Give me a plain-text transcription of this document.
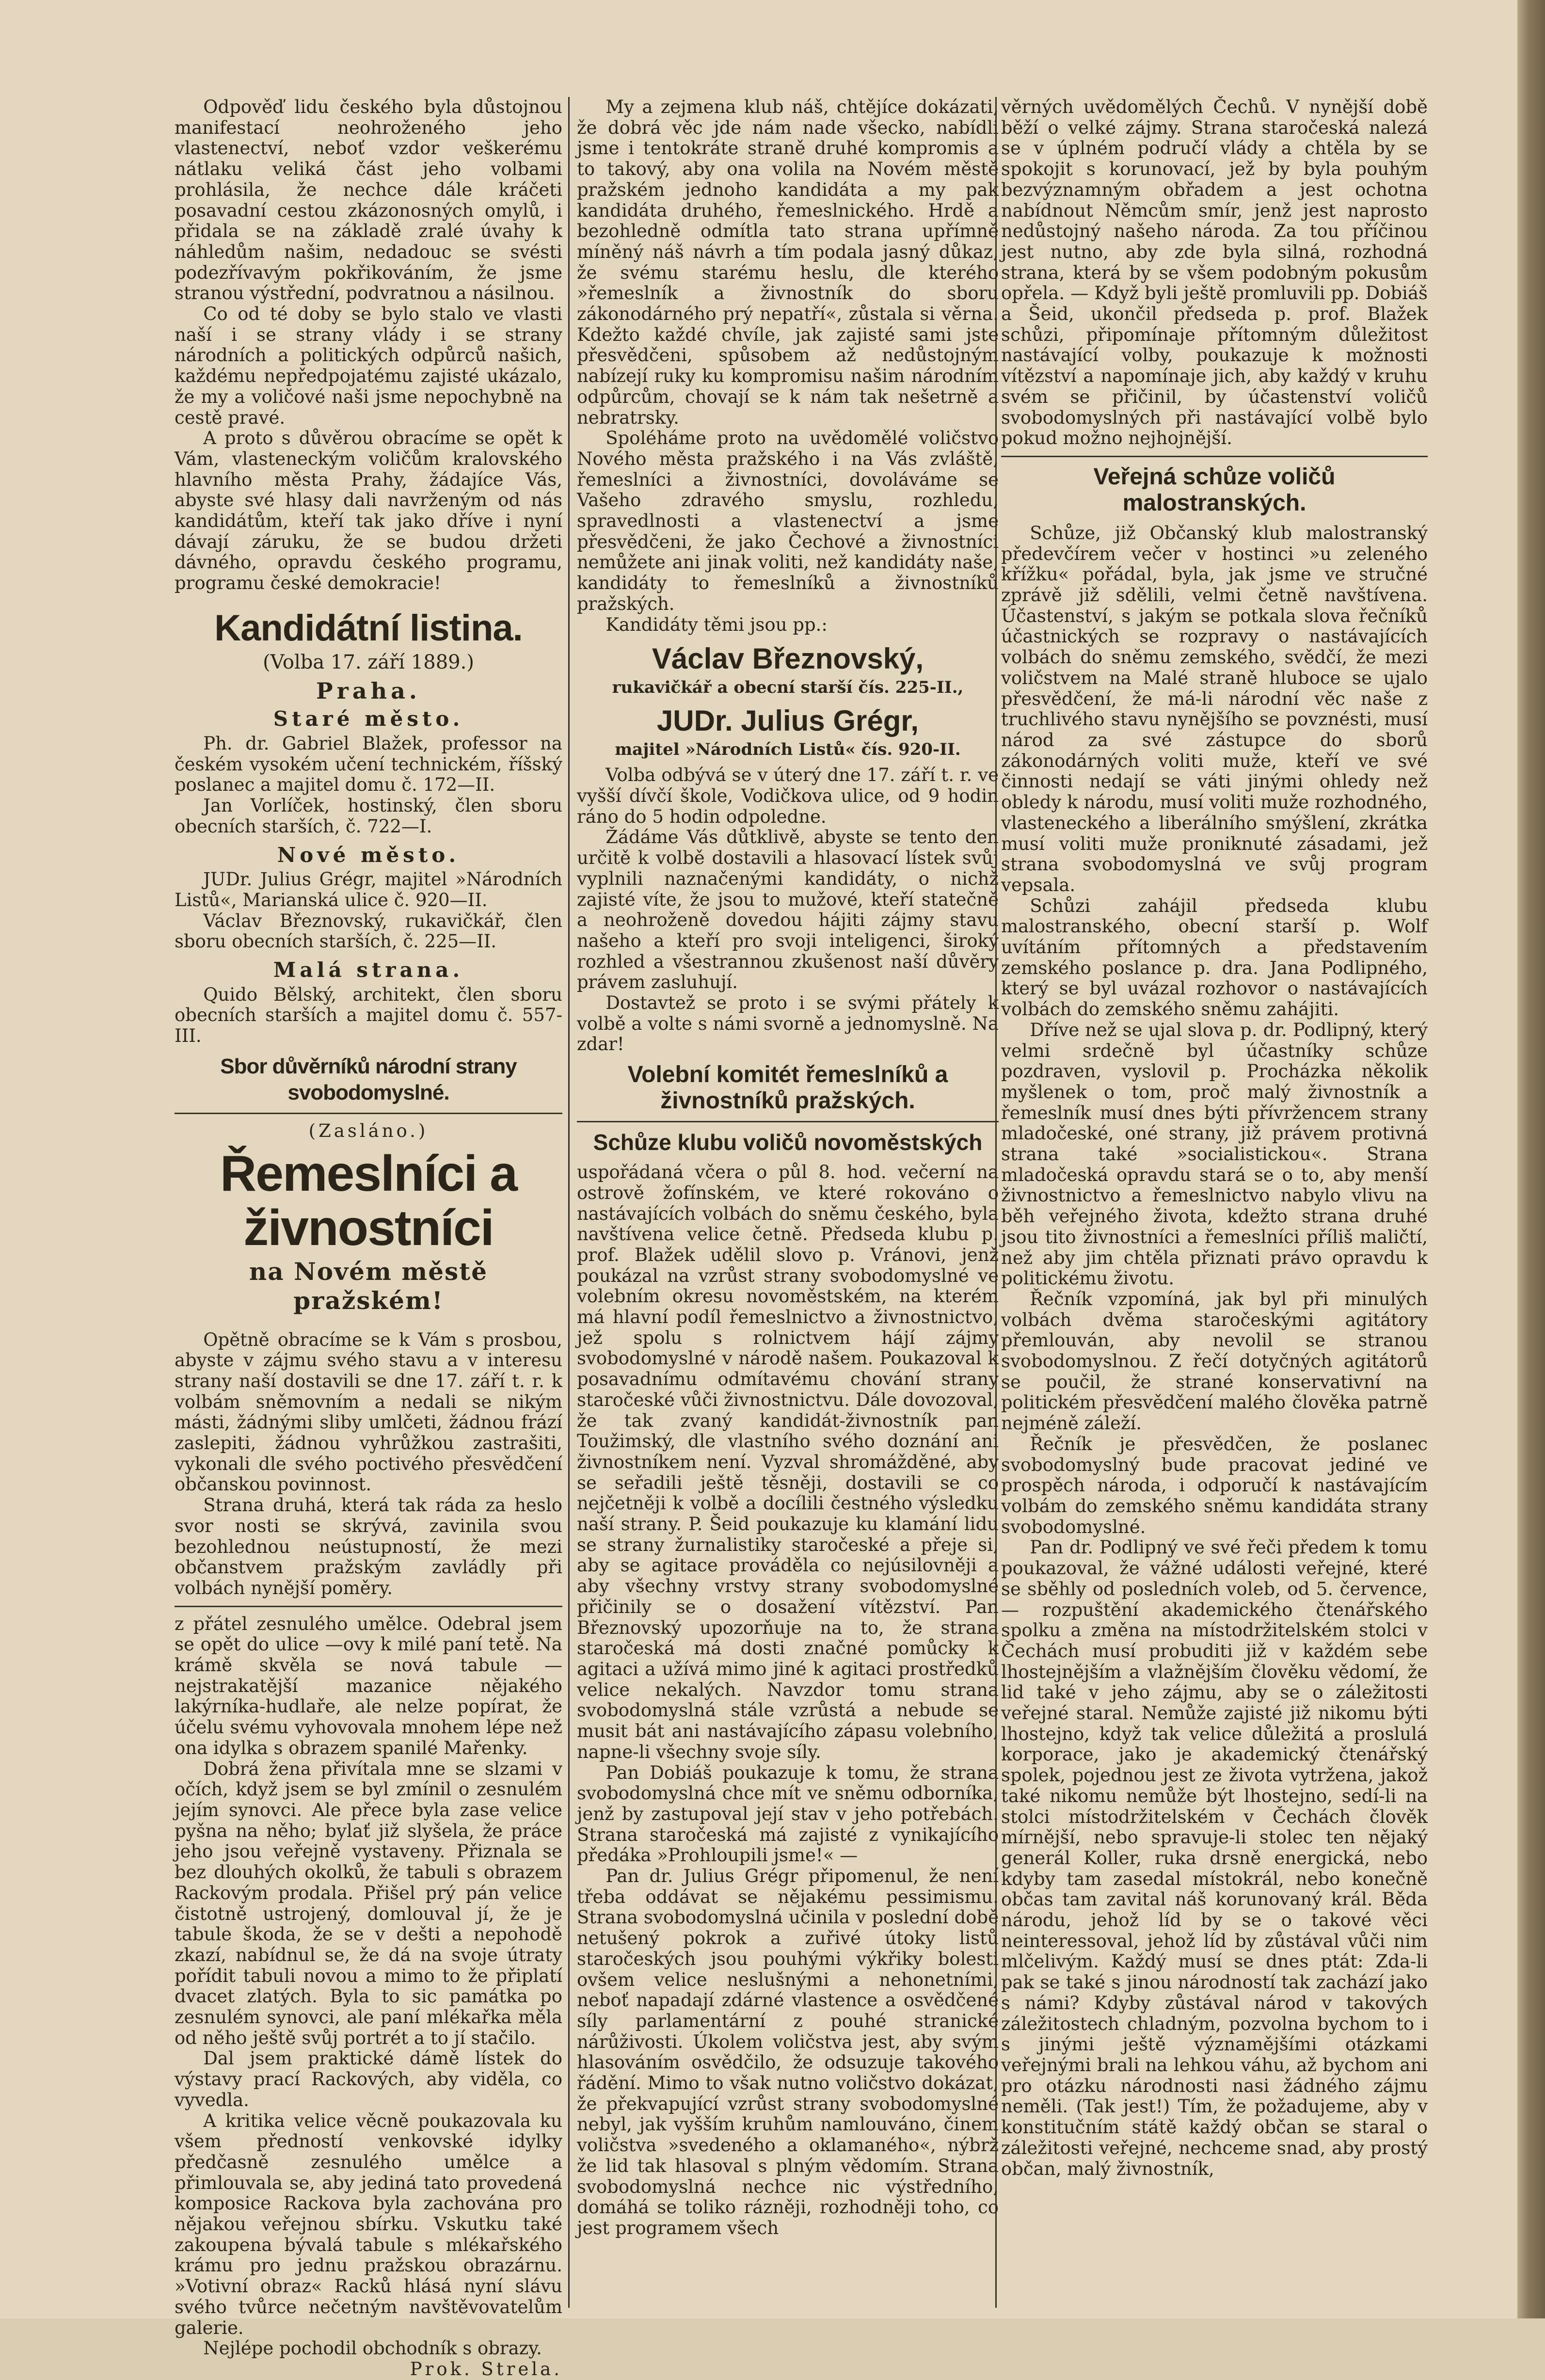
Odpověď lidu českého byla důstojnou manifestací neohroženého jeho vlastenectví, neboť vzdor veškerému nátlaku veliká část jeho volbami prohlásila, že nechce dále kráčeti posavadní cestou zkázonosných omylů, i přidala se na základě zralé úvahy k náhledům našim, nedadouc se svésti podezřívavým pokřikováním, že jsme stranou výstřední, podvratnou a násilnou.

Co od té doby se bylo stalo ve vlasti naší i se strany vlády i se strany národních a politických odpůrců našich, každému nepředpojatému zajisté ukázalo, že my a voličové naši jsme nepochybně na cestě pravé.

A proto s důvěrou obracíme se opět k Vám, vlasteneckým voličům kralovského hlavního města Prahy, žádajíce Vás, abyste své hlasy dali navrženým od nás kandidátům, kteří tak jako dříve i nyní dávají záruku, že se budou držeti dávného, opravdu českého programu, programu české demokracie!

Kandidátní listina.
(Volba 17. září 1889.)
Praha.
Staré město.

Ph. dr. Gabriel Blažek, professor na českém vysokém učení technickém, říšský poslanec a majitel domu č. 172—II.

Jan Vorlíček, hostinský, člen sboru obecních starších, č. 722—I.

Nové město.

JUDr. Julius Grégr, majitel »Národních Listů«, Marianská ulice č. 920—II.

Václav Březnovský, rukavičkář, člen sboru obecních starších, č. 225—II.

Malá strana.

Quido Bělský, architekt, člen sboru obecních starších a majitel domu č. 557-III.

Sbor důvěrníků národní strany svobodomyslné.
(Zasláno.)
Řemeslníci a živnostníci
na Novém městě pražském!

Opětně obracíme se k Vám s prosbou, abyste v zájmu svého stavu a v interesu strany naší dostavili se dne 17. září t. r. k volbám sněmovním a nedali se nikým másti, žádnými sliby umlčeti, žádnou frází zaslepiti, žádnou vyhrůžkou zastrašiti, vykonali dle svého poctivého přesvědčení občanskou povinnost.

Strana druhá, která tak ráda za heslo svor nosti se skrývá, zavinila svou bezohlednou neústupností, že mezi občanstvem pražským zavládly při volbách nynější poměry.

z přátel zesnulého umělce. Odebral jsem se opět do ulice —ovy k milé paní tetě. Na krámě skvěla se nová tabule — nejstrakatější mazanice nějakého lakýrníka-hudlaře, ale nelze popírat, že účelu svému vyhovovala mnohem lépe než ona idylka s obrazem spanilé Mařenky.

Dobrá žena přivítala mne se slzami v očích, když jsem se byl zmínil o zesnulém jejím synovci. Ale přece byla zase velice pyšna na něho; bylať již slyšela, že práce jeho jsou veřejně vystaveny. Přiznala se bez dlouhých okolků, že tabuli s obrazem Rackovým prodala. Přišel prý pán velice čistotně ustrojený, domlouval jí, že je tabule škoda, že se v dešti a nepohodě zkazí, nabídnul se, že dá na svoje útraty pořídit tabuli novou a mimo to že připlatí dvacet zlatých. Byla to sic památka po zesnulém synovci, ale paní mlékařka měla od něho ještě svůj portrét a to jí stačilo.

Dal jsem praktické dámě lístek do výstavy prací Rackových, aby viděla, co vyvedla.

A kritika velice věcně poukazovala ku všem předností venkovské idylky předčasně zesnulého umělce a přimlouvala se, aby jediná tato provedená komposice Rackova byla zachována pro nějakou veřejnou sbírku. Vskutku také zakoupena bývalá tabule s mlékařského krámu pro jednu pražskou obrazárnu. »Votivní obraz« Racků hlásá nyní slávu svého tvůrce nečetným navštěvovatelům galerie.

Nejlépe pochodil obchodník s obrazy.

Prok. Strela.

My a zejmena klub náš, chtějíce dokázati, že dobrá věc jde nám nade všecko, nabídli jsme i tentokráte straně druhé kompromis a to takový, aby ona volila na Novém městě pražském jednoho kandidáta a my pak kandidáta druhého, řemeslnického. Hrdě a bezohledně odmítla tato strana upřímně míněný náš návrh a tím podala jasný důkaz, že svému starému heslu, dle kterého »řemeslník a živnostník do sboru zákonodárného prý nepatří«, zůstala si věrna. Kdežto každé chvíle, jak zajisté sami jste přesvědčeni, spůsobem až nedůstojným nabízejí ruky ku kompromisu našim národním odpůrcům, chovají se k nám tak nešetrně a nebratrsky.

Spoléháme proto na uvědomělé voličstvo Nového města pražského i na Vás zvláště, řemeslníci a živnostníci, dovoláváme se Vašeho zdravého smyslu, rozhledu, spravedlnosti a vlastenectví a jsme přesvědčeni, že jako Čechové a živnostníci nemůžete ani jinak voliti, než kandidáty naše, kandidáty to řemeslníků a živnostníků pražských.

Kandidáty těmi jsou pp.:

Václav Březnovský,
rukavičkář a obecní starší čís. 225-II.,
JUDr. Julius Grégr,
majitel »Národních Listů« čís. 920-II.

Volba odbývá se v úterý dne 17. září t. r. ve vyšší dívčí škole, Vodičkova ulice, od 9 hodin ráno do 5 hodin odpoledne.

Žádáme Vás důtklivě, abyste se tento den určitě k volbě dostavili a hlasovací lístek svůj vyplnili naznačenými kandidáty, o nichž zajisté víte, že jsou to mužové, kteří statečně a neohroženě dovedou hájiti zájmy stavu našeho a kteří pro svoji inteligenci, široký rozhled a všestrannou zkušenost naší důvěry právem zasluhují.

Dostavtež se proto i se svými přátely k volbě a volte s námi svorně a jednomyslně. Na zdar!

Volební komitét řemeslníků a živnostníků pražských.
Schůze klubu voličů novoměstských

uspořádaná včera o půl 8. hod. večerní na ostrově žofínském, ve které rokováno o nastávajících volbách do sněmu českého, byla navštívena velice četně. Předseda klubu p. prof. Blažek udělil slovo p. Vránovi, jenž poukázal na vzrůst strany svobodomyslné ve volebním okresu novoměstském, na kterém má hlavní podíl řemeslnictvo a živnostnictvo, jež spolu s rolnictvem hájí zájmy svobodomyslné v národě našem. Poukazoval k posavadnímu odmítavému chování strany staročeské vůči živnostnictvu. Dále dovozoval, že tak zvaný kandidát-živnostník pan Toužimský, dle vlastního svého doznání ani živnostníkem není. Vyzval shromážděné, aby se seřadili ještě těsněji, dostavili se co nejčetněji k volbě a docílili čestného výsledku naší strany. P. Šeid poukazuje ku klamání lidu se strany žurnalistiky staročeské a přeje si, aby se agitace prováděla co nejúsilovněji a aby všechny vrstvy strany svobodomyslné přičinily se o dosažení vítězství. Pan Březnovský upozorňuje na to, že strana staročeská má dosti značné pomůcky k agitaci a užívá mimo jiné k agitaci prostředků velice nekalých. Navzdor tomu strana svobodomyslná stále vzrůstá a nebude se musit bát ani nastávajícího zápasu volebního, napne-li všechny svoje síly.

Pan Dobiáš poukazuje k tomu, že strana svobodomyslná chce mít ve sněmu odborníka, jenž by zastupoval její stav v jeho potřebách. Strana staročeská má zajisté z vynikajícího předáka »Prohloupili jsme!« —

Pan dr. Julius Grégr připomenul, že není třeba oddávat se nějakému pessimismu. Strana svobodomyslná učinila v poslední době netušený pokrok a zuřivé útoky listů staročeských jsou pouhými výkřiky bolesti ovšem velice neslušnými a nehonetními, neboť napadají zdárné vlastence a osvědčené síly parlamentární z pouhé stranické nárůživosti. Úkolem voličstva jest, aby svým hlasováním osvědčilo, že odsuzuje takového řádění. Mimo to však nutno voličstvo dokázat, že překvapující vzrůst strany svobodomyslné nebyl, jak vyšším kruhům namlouváno, činem voličstva »svedeného a oklamaného«, nýbrž že lid tak hlasoval s plným vědomím. Strana svobodomyslná nechce nic výstředního, domáhá se toliko rázněji, rozhodněji toho, co jest programem všech

věrných uvědomělých Čechů. V nynější době běží o velké zájmy. Strana staročeská nalezá se v úplném područí vlády a chtěla by se spokojit s korunovací, jež by byla pouhým bezvýznamným obřadem a jest ochotna nabídnout Němcům smír, jenž jest naprosto nedůstojný našeho národa. Za tou příčinou jest nutno, aby zde byla silná, rozhodná strana, která by se všem podobným pokusům opřela. — Když byli ještě promluvili pp. Dobiáš a Šeid, ukončil předseda p. prof. Blažek schůzi, připomínaje přítomným důležitost nastávající volby, poukazuje k možnosti vítězství a napomínaje jich, aby každý v kruhu svém se přičinil, by účastenství voličů svobodomyslných při nastávající volbě bylo pokud možno nejhojnější.

Veřejná schůze voličů malostranských.

Schůze, již Občanský klub malostranský předevčírem večer v hostinci »u zeleného křížku« pořádal, byla, jak jsme ve stručné zprávě již sdělili, velmi četně navštívena. Účastenství, s jakým se potkala slova řečníků účastnických se rozpravy o nastávajících volbách do sněmu zemského, svědčí, že mezi voličstvem na Malé straně hluboce se ujalo přesvědčení, že má-li národní věc naše z truchlivého stavu nynějšího se povznésti, musí národ za své zástupce do sborů zákonodárných voliti muže, kteří ve své činnosti nedají se váti jinými ohledy než obledy k národu, musí voliti muže rozhodného, vlasteneckého a liberálního smýšlení, zkrátka musí voliti muže proniknuté zásadami, jež strana svobodomyslná ve svůj program vepsala.

Schůzi zahájil předseda klubu malostranského, obecní starší p. Wolf uvítáním přítomných a představením zemského poslance p. dra. Jana Podlipného, který se byl uvázal rozhovor o nastávajících volbách do zemského sněmu zahájiti.

Dříve než se ujal slova p. dr. Podlipný, který velmi srdečně byl účastníky schůze pozdraven, vyslovil p. Procházka několik myšlenek o tom, proč malý živnostník a řemeslník musí dnes býti přívržencem strany mladočeské, oné strany, již právem protivná strana také »socialistickou«. Strana mladočeská opravdu stará se o to, aby menší živnostnictvo a řemeslnictvo nabylo vlivu na běh veřejného života, kdežto strana druhé jsou tito živnostníci a řemeslníci příliš maličtí, než aby jim chtěla přiznati právo opravdu k politickému životu.

Řečník vzpomíná, jak byl při minulých volbách dvěma staročeskými agitátory přemlouván, aby nevolil se stranou svobodomyslnou. Z řečí dotyčných agitátorů se poučil, že strané konservativní na politickém přesvědčení malého člověka patrně nejméně záleží.

Řečník je přesvědčen, že poslanec svobodomyslný bude pracovat jediné ve prospěch národa, i odporučí k nastávajícím volbám do zemského sněmu kandidáta strany svobodomyslné.

Pan dr. Podlipný ve své řeči předem k tomu poukazoval, že vážné události veřejné, které se sběhly od posledních voleb, od 5. července, — rozpuštění akademického čtenářského spolku a změna na místodržitelském stolci v Čechách musí probuditi již v každém sebe lhostejnějším a vlažnějším člověku vědomí, že lid také v jeho zájmu, aby se o záležitosti veřejné staral. Nemůže zajisté již nikomu býti lhostejno, když tak velice důležitá a proslulá korporace, jako je akademický čtenářský spolek, pojednou jest ze života vytržena, jakož také nikomu nemůže být lhostejno, sedí-li na stolci místodržitelském v Čechách člověk mírnější, nebo spravuje-li stolec ten nějaký generál Koller, ruka drsně energická, nebo kdyby tam zasedal místokrál, nebo konečně občas tam zavital náš korunovaný král. Běda národu, jehož líd by se o takové věci neinteressoval, jehož líd by zůstával vůči nim mlčelivým. Každý musí se dnes ptát: Zda-li pak se také s jinou národností tak zachází jako s námi? Kdyby zůstával národ v takových záležitostech chladným, pozvolna bychom to i s jinými ještě významějšími otázkami veřejnými brali na lehkou váhu, až bychom ani pro otázku národnosti nasi žádného zájmu neměli. (Tak jest!) Tím, že požadujeme, aby v konstitučním státě každý občan se staral o záležitosti veřejné, nechceme snad, aby prostý občan, malý živnostník,
